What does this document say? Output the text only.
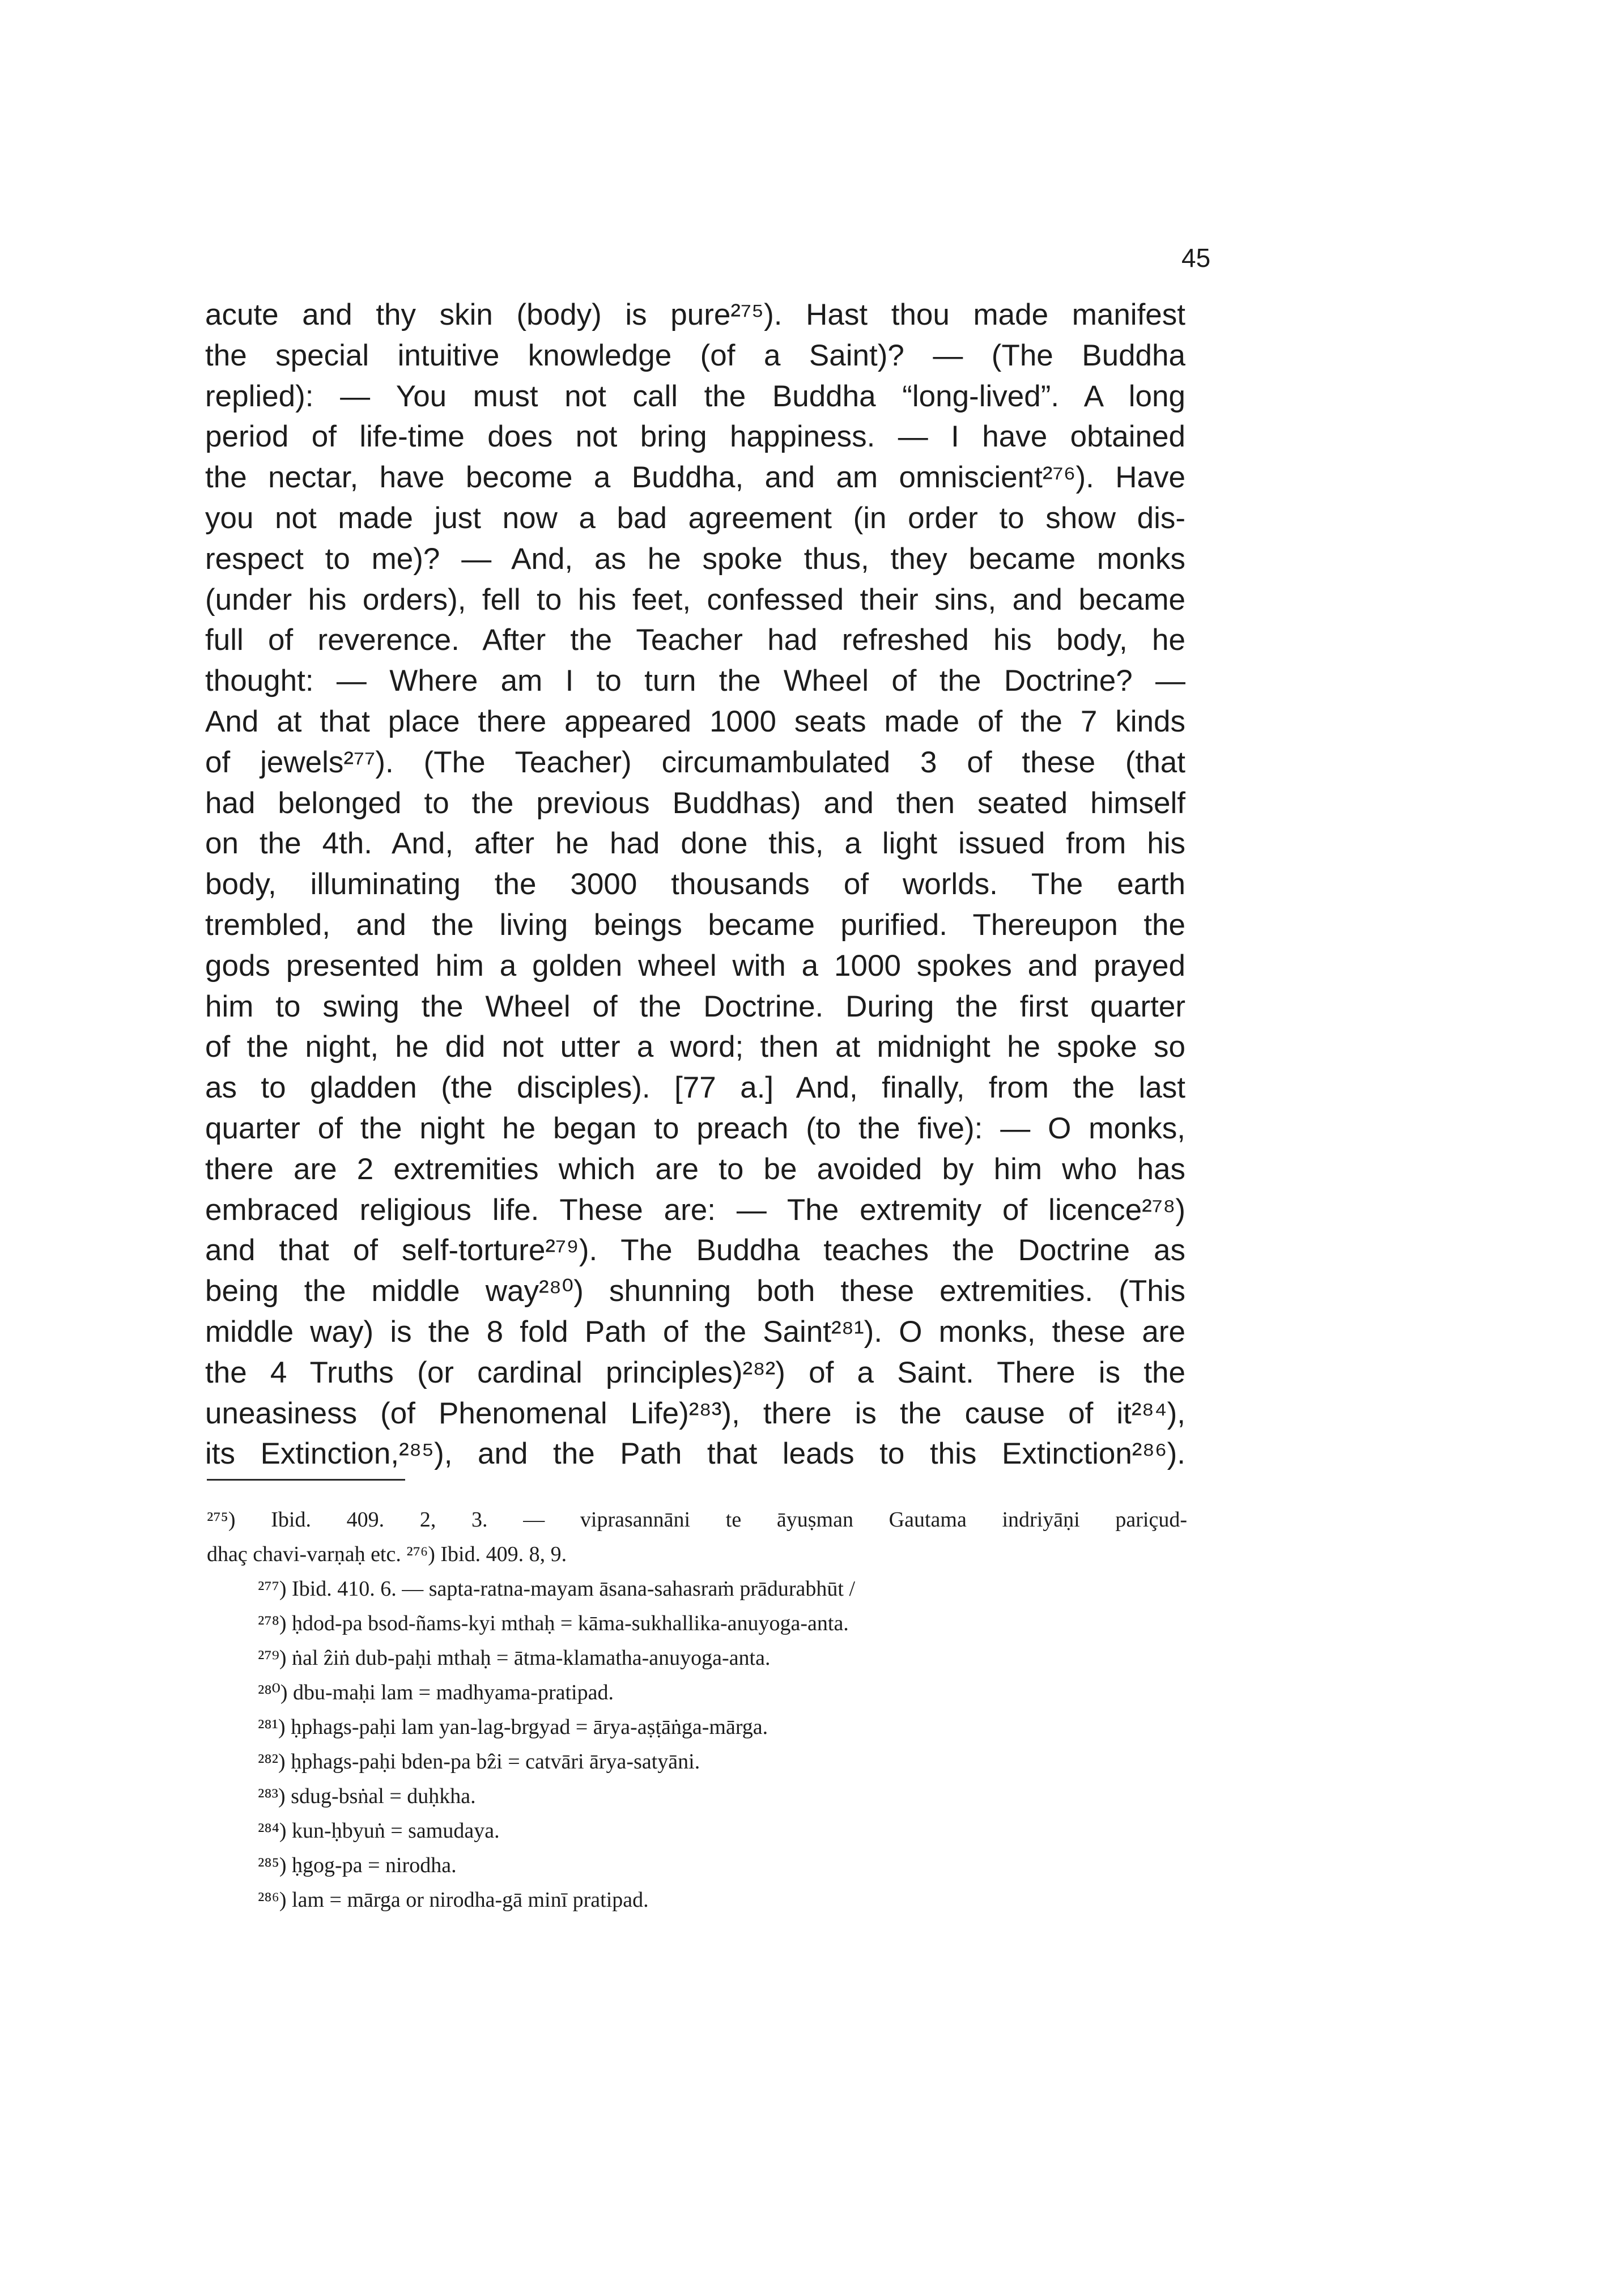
45
acute and thy skin (body) is pure²⁷⁵). Hast thou made manifest
the special intuitive knowledge (of a Saint)? — (The Buddha
replied): — You must not call the Buddha “long-lived”. A long
period of life-time does not bring happiness. — I have obtained
the nectar, have become a Buddha, and am omniscient²⁷⁶). Have
you not made just now a bad agreement (in order to show dis-
respect to me)? — And, as he spoke thus, they became monks
(under his orders), fell to his feet, confessed their sins, and became
full of reverence. After the Teacher had refreshed his body, he
thought: — Where am I to turn the Wheel of the Doctrine? —
And at that place there appeared 1000 seats made of the 7 kinds
of jewels²⁷⁷). (The Teacher) circumambulated 3 of these (that
had belonged to the previous Buddhas) and then seated himself
on the 4th. And, after he had done this, a light issued from his
body, illuminating the 3000 thousands of worlds. The earth
trembled, and the living beings became purified. Thereupon the
gods presented him a golden wheel with a 1000 spokes and prayed
him to swing the Wheel of the Doctrine. During the first quarter
of the night, he did not utter a word; then at midnight he spoke so
as to gladden (the disciples). [77 a.] And, finally, from the last
quarter of the night he began to preach (to the five): — O monks,
there are 2 extremities which are to be avoided by him who has
embraced religious life. These are: — The extremity of licence²⁷⁸)
and that of self-torture²⁷⁹). The Buddha teaches the Doctrine as
being the middle way²⁸⁰) shunning both these extremities. (This
middle way) is the 8 fold Path of the Saint²⁸¹). O monks, these are
the 4 Truths (or cardinal principles)²⁸²) of a Saint. There is the
uneasiness (of Phenomenal Life)²⁸³), there is the cause of it²⁸⁴),
its Extinction,²⁸⁵), and the Path that leads to this Extinction²⁸⁶).
²⁷⁵) Ibid. 409. 2, 3. — viprasannāni te āyuṣman Gautama indriyāṇi pariçud-
dhaç chavi-varṇaḥ etc. ²⁷⁶) Ibid. 409. 8, 9.
²⁷⁷) Ibid. 410. 6. — sapta-ratna-mayam āsana-sahasraṁ prādurabhūt /
²⁷⁸) ḥdod-pa bsod-ñams-kyi mthaḥ = kāma-sukhallika-anuyoga-anta.
²⁷⁹) ṅal ẑiṅ dub-paḥi mthaḥ = ātma-klamatha-anuyoga-anta.
²⁸⁰) dbu-maḥi lam = madhyama-pratipad.
²⁸¹) ḥphags-paḥi lam yan-lag-brgyad = ārya-aṣṭāṅga-mārga.
²⁸²) ḥphags-paḥi bden-pa bẑi = catvāri ārya-satyāni.
²⁸³) sdug-bsṅal = duḥkha.
²⁸⁴) kun-ḥbyuṅ = samudaya.
²⁸⁵) ḥgog-pa = nirodha.
²⁸⁶) lam = mārga or nirodha-gā minī pratipad.
